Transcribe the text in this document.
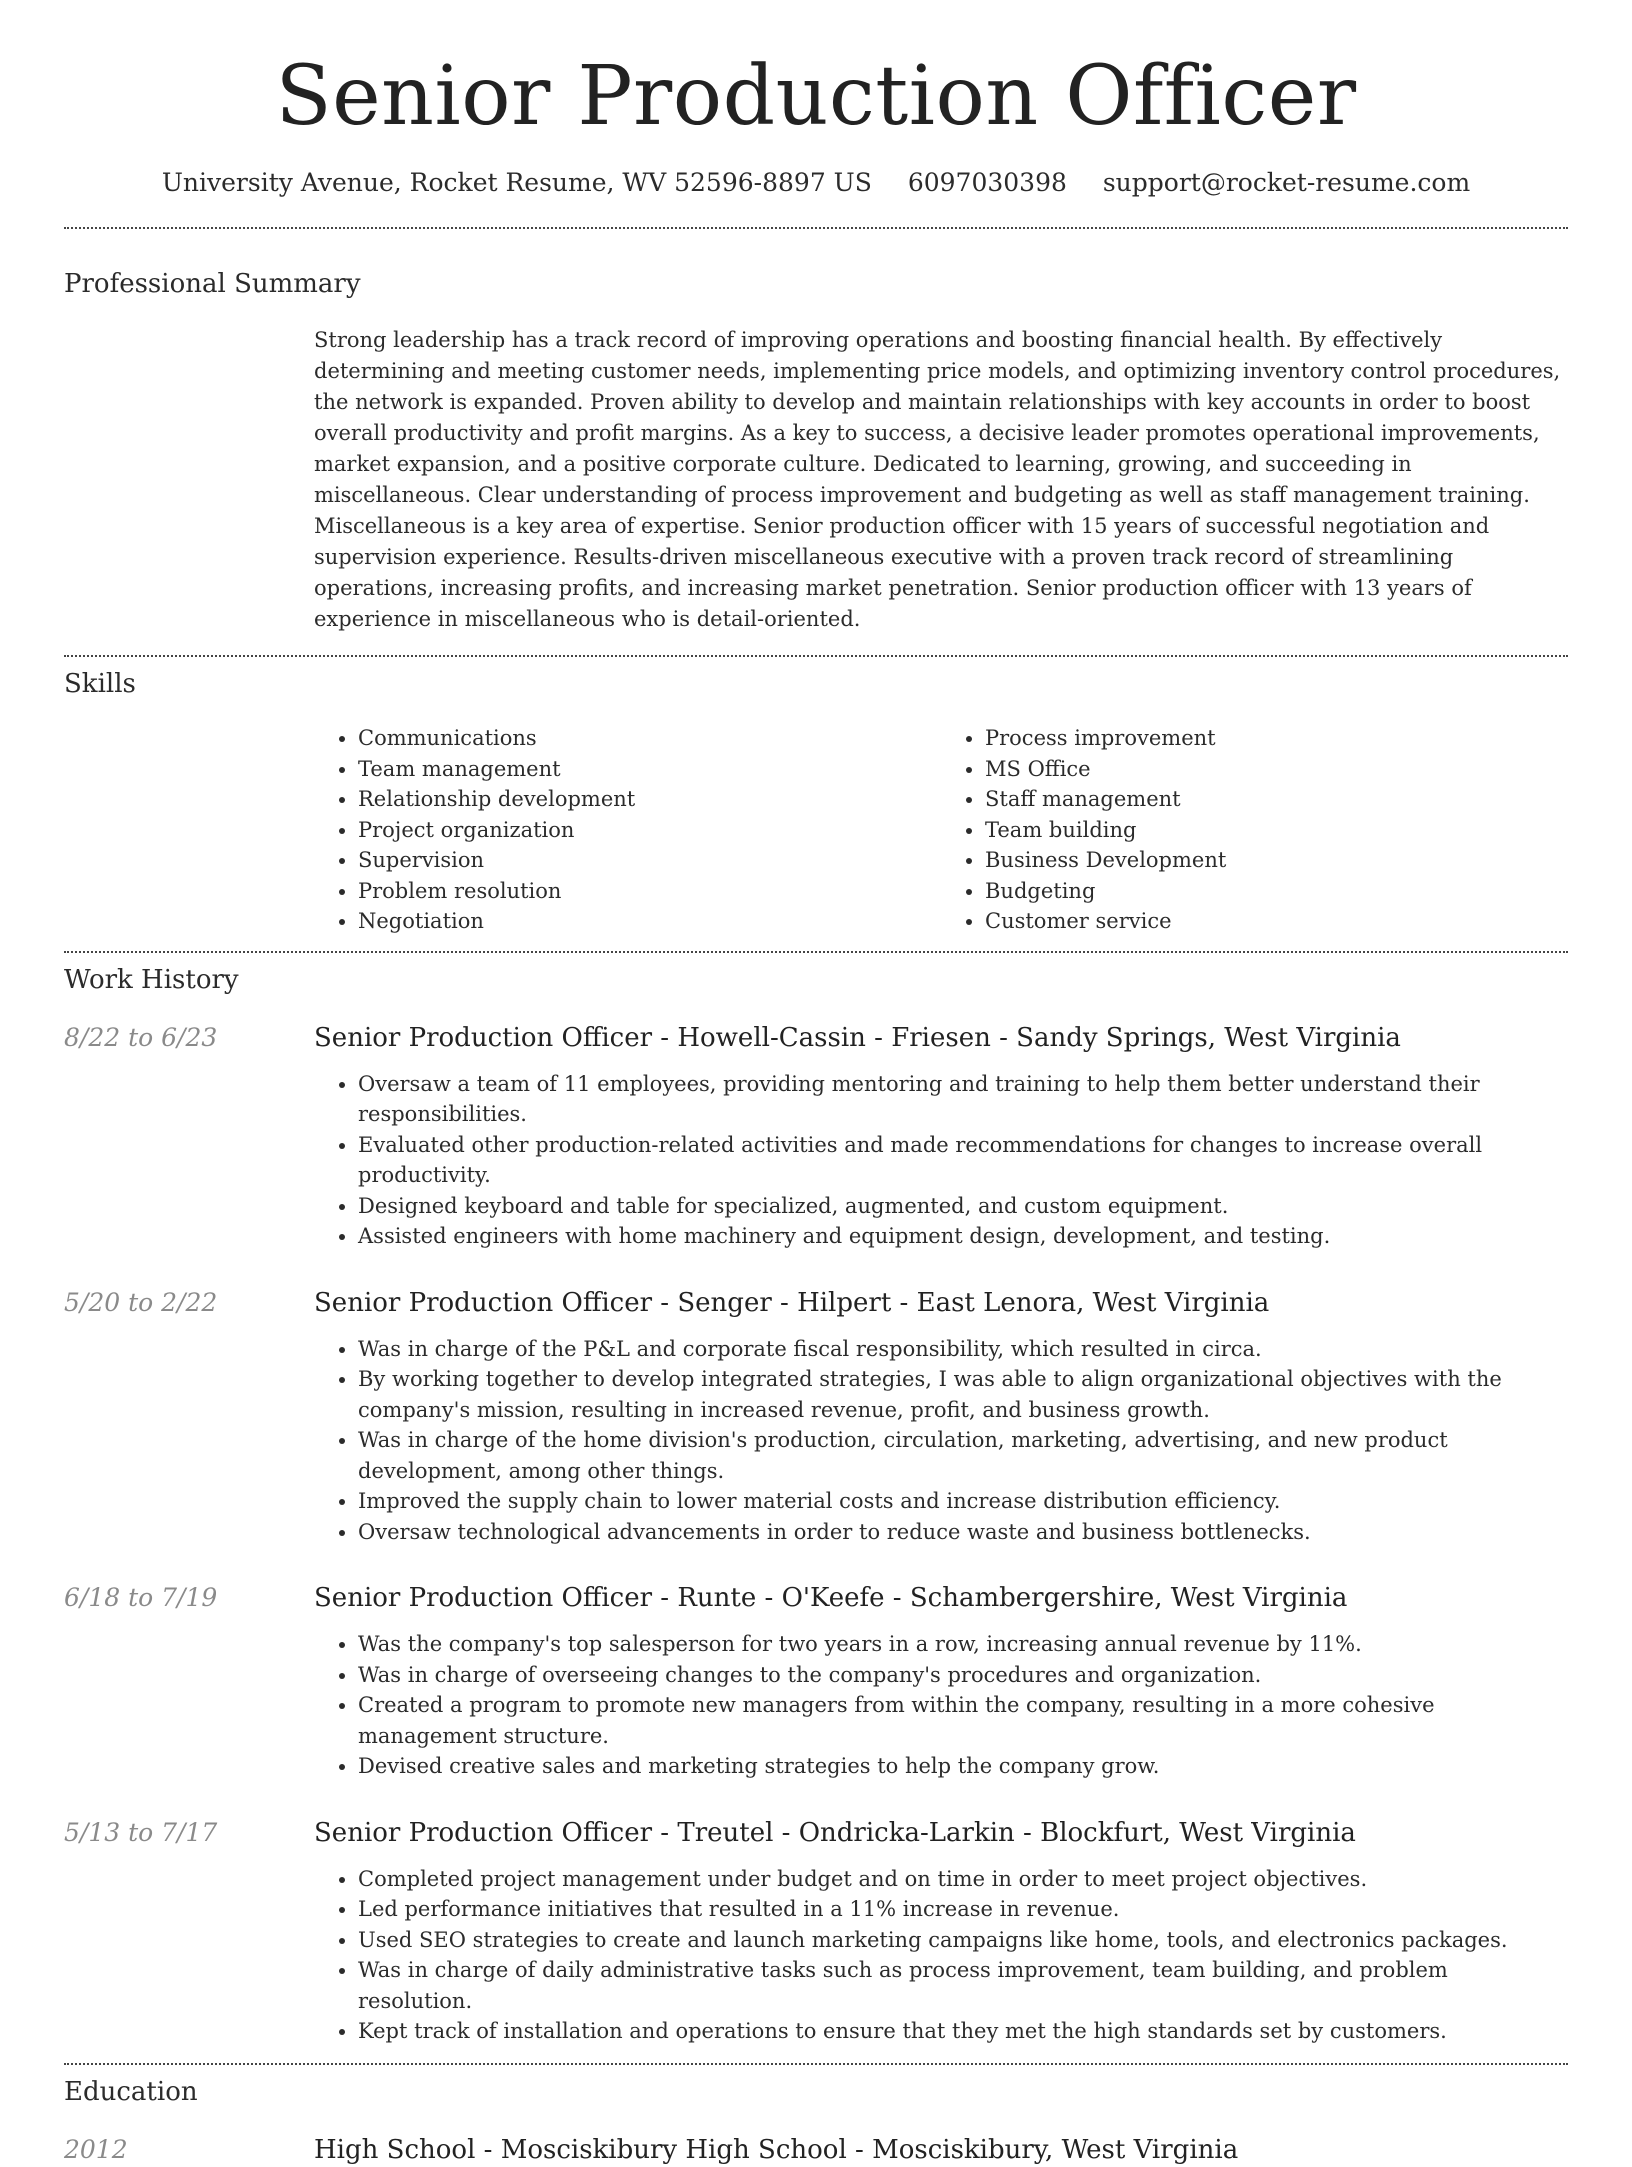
Senior Production Officer
University Avenue, Rocket Resume, WV 52596-8897 US 6097030398 support@rocket-resume.com
Professional Summary

Strong leadership has a track record of improving operations and boosting financial health. By effectively determining and meeting customer needs, implementing price models, and optimizing inventory control procedures, the network is expanded. Proven ability to develop and maintain relationships with key accounts in order to boost overall productivity and profit margins. As a key to success, a decisive leader promotes operational improvements, market expansion, and a positive corporate culture. Dedicated to learning, growing, and succeeding in miscellaneous. Clear understanding of process improvement and budgeting as well as staff management training. Miscellaneous is a key area of expertise. Senior production officer with 15 years of successful negotiation and supervision experience. Results-driven miscellaneous executive with a proven track record of streamlining operations, increasing profits, and increasing market penetration. Senior production officer with 13 years of experience in miscellaneous who is detail-oriented.

Skills
• Communications
• Team management
• Relationship development
• Project organization
• Supervision
• Problem resolution
• Negotiation
• Process improvement
• MS Office
• Staff management
• Team building
• Business Development
• Budgeting
• Customer service
Work History
8/22 to 6/23	Senior Production Officer - Howell-Cassin - Friesen - Sandy Springs, West Virginia
• Oversaw a team of 11 employees, providing mentoring and training to help them better understand their responsibilities.
• Evaluated other production-related activities and made recommendations for changes to increase overall productivity.
• Designed keyboard and table for specialized, augmented, and custom equipment.
• Assisted engineers with home machinery and equipment design, development, and testing.
5/20 to 2/22	Senior Production Officer - Senger - Hilpert - East Lenora, West Virginia
• Was in charge of the P&L and corporate fiscal responsibility, which resulted in circa.
• By working together to develop integrated strategies, I was able to align organizational objectives with the company's mission, resulting in increased revenue, profit, and business growth.
• Was in charge of the home division's production, circulation, marketing, advertising, and new product development, among other things.
• Improved the supply chain to lower material costs and increase distribution efficiency.
• Oversaw technological advancements in order to reduce waste and business bottlenecks.
6/18 to 7/19	Senior Production Officer - Runte - O'Keefe - Schambergershire, West Virginia
• Was the company's top salesperson for two years in a row, increasing annual revenue by 11%.
• Was in charge of overseeing changes to the company's procedures and organization.
• Created a program to promote new managers from within the company, resulting in a more cohesive management structure.
• Devised creative sales and marketing strategies to help the company grow.
5/13 to 7/17	Senior Production Officer - Treutel - Ondricka-Larkin - Blockfurt, West Virginia
• Completed project management under budget and on time in order to meet project objectives.
• Led performance initiatives that resulted in a 11% increase in revenue.
• Used SEO strategies to create and launch marketing campaigns like home, tools, and electronics packages.
• Was in charge of daily administrative tasks such as process improvement, team building, and problem resolution.
• Kept track of installation and operations to ensure that they met the high standards set by customers.
Education
2012	High School - Mosciskibury High School - Mosciskibury, West Virginia
